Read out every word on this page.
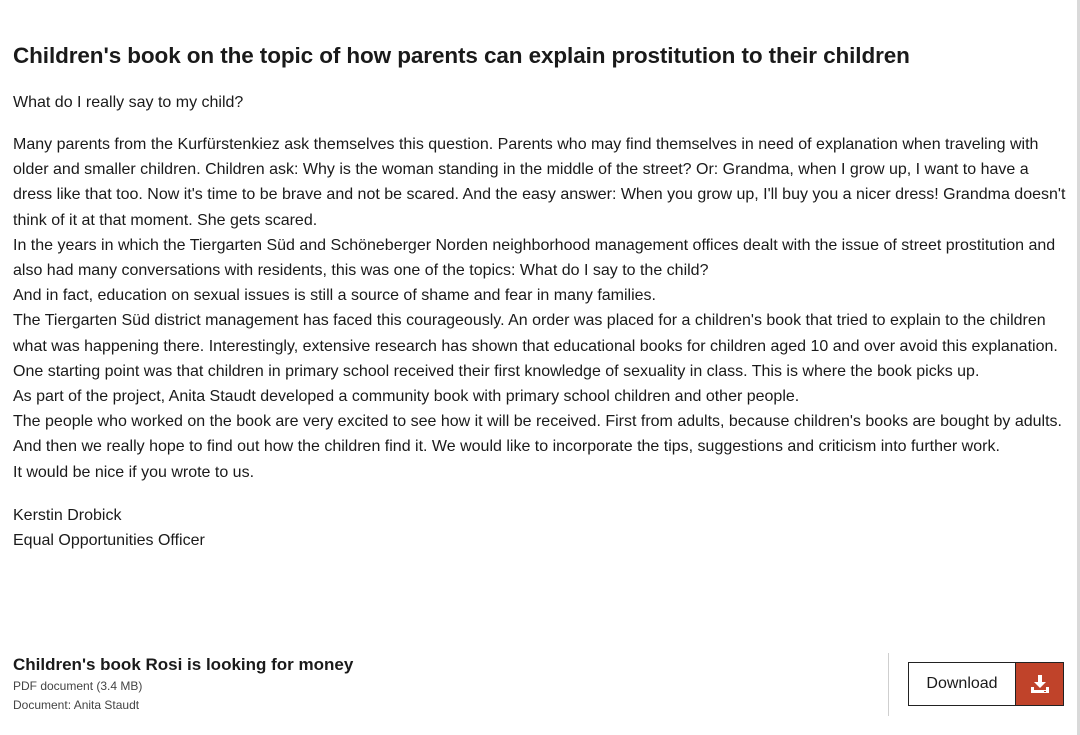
Children's book on the topic of how parents can explain prostitution to their children

What do I really say to my child?

Many parents from the Kurfürstenkiez ask themselves this question. Parents who may find themselves in need of explanation when traveling with older and smaller children. Children ask: Why is the woman standing in the middle of the street? Or: Grandma, when I grow up, I want to have a dress like that too. Now it's time to be brave and not be scared. And the easy answer: When you grow up, I'll buy you a nicer dress! Grandma doesn't think of it at that moment. She gets scared.

In the years in which the Tiergarten Süd and Schöneberger Norden neighborhood management offices dealt with the issue of street prostitution and also had many conversations with residents, this was one of the topics: What do I say to the child?

And in fact, education on sexual issues is still a source of shame and fear in many families.

The Tiergarten Süd district management has faced this courageously. An order was placed for a children's book that tried to explain to the children what was happening there. Interestingly, extensive research has shown that educational books for children aged 10 and over avoid this explanation.

One starting point was that children in primary school received their first knowledge of sexuality in class. This is where the book picks up.

As part of the project, Anita Staudt developed a community book with primary school children and other people.

The people who worked on the book are very excited to see how it will be received. First from adults, because children's books are bought by adults. And then we really hope to find out how the children find it. We would like to incorporate the tips, suggestions and criticism into further work.

It would be nice if you wrote to us.

Kerstin Drobick
Equal Opportunities Officer
Children's book Rosi is looking for money
PDF document (3.4 MB)
Document: Anita Staudt
Download
